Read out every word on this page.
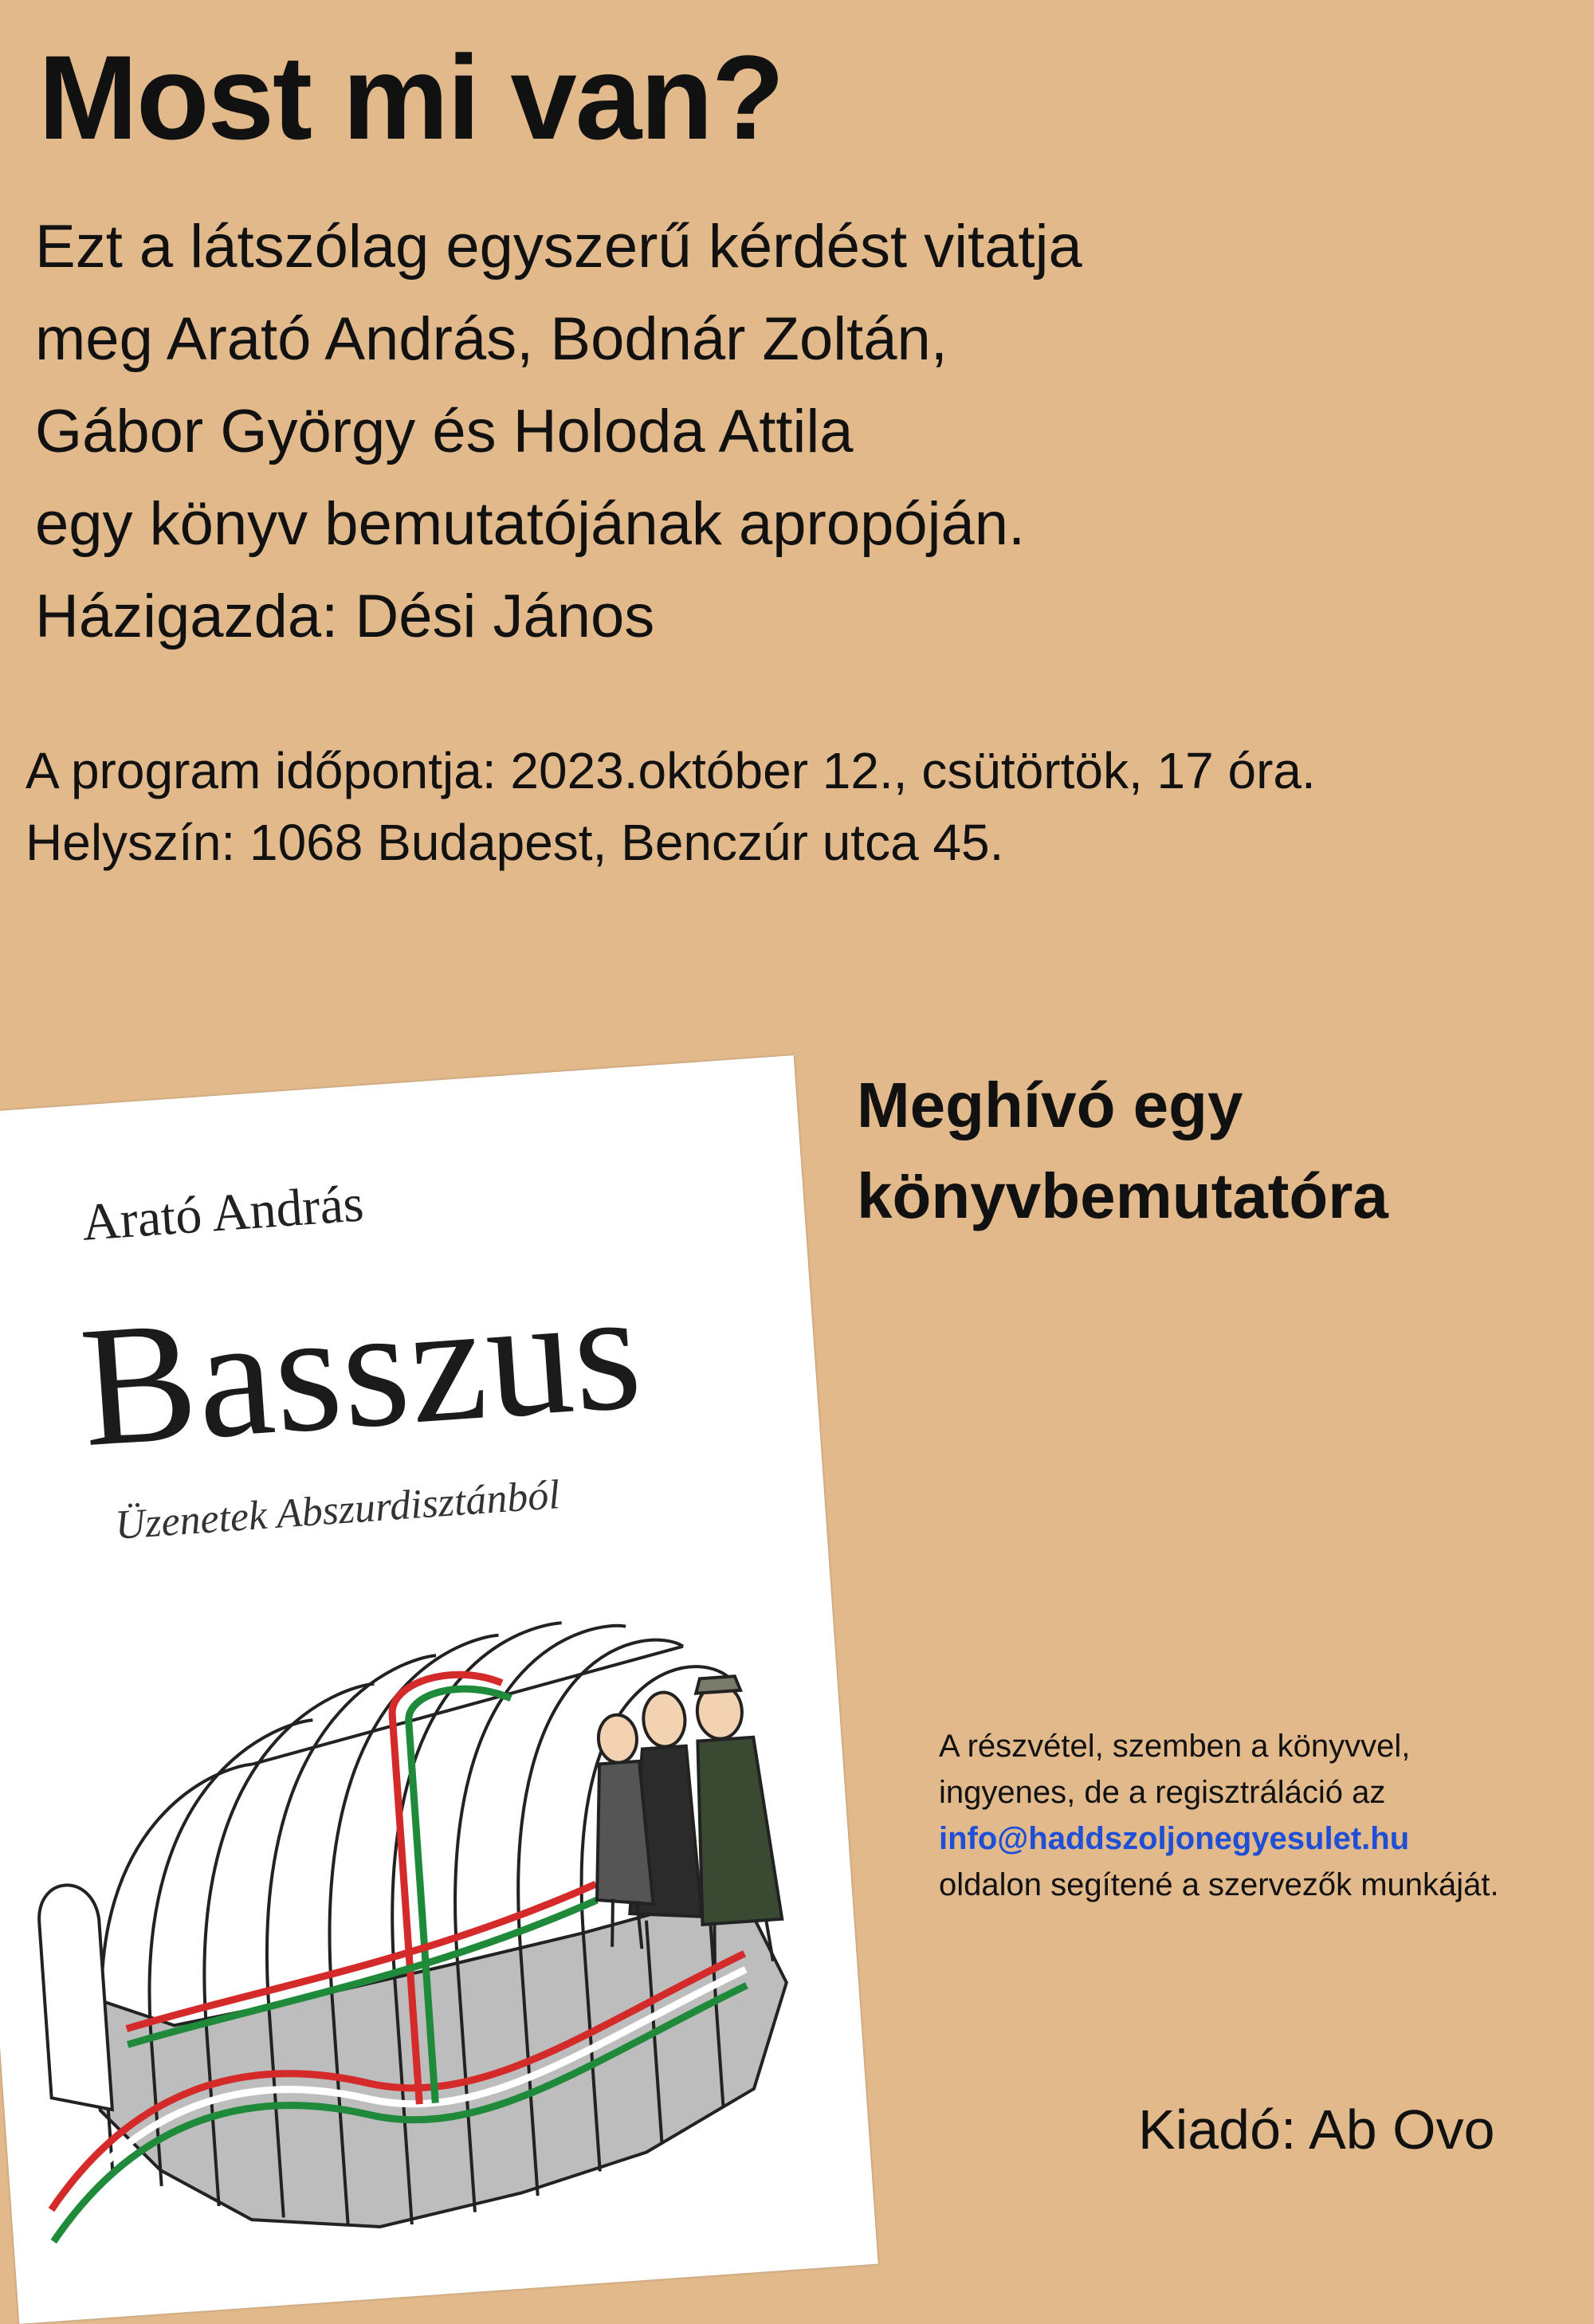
Most mi van?
Ezt a látszólag egyszerű kérdést vitatja
meg Arató András, Bodnár Zoltán,
Gábor György és Holoda Attila
egy könyv bemutatójának apropóján.
Házigazda: Dési János
A program időpontja: 2023.október 12., csütörtök, 17 óra.
Helyszín: 1068 Budapest, Benczúr utca 45.
Meghívó egy
könyvbemutatóra
Arató András
Basszus
Üzenetek Abszurdisztánból
A részvétel, szemben a könyvvel,
ingyenes, de a regisztráláció az
info@haddszoljonegyesulet.hu
oldalon segítené a szervezők munkáját.
Kiadó: Ab Ovo
